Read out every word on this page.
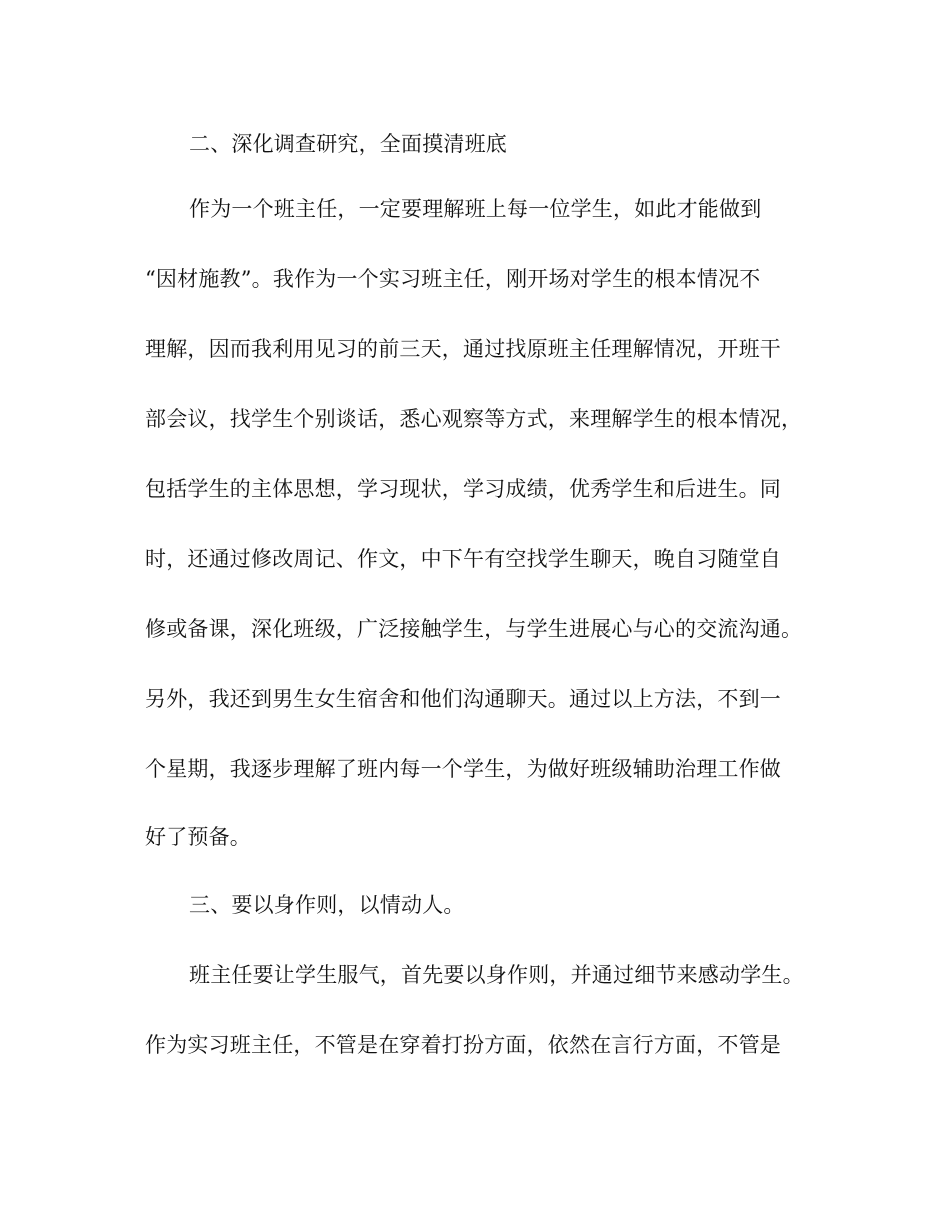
二、深化调查研究，全面摸清班底
作为一个班主任，一定要理解班上每一位学生，如此才能做到
“因材施教”。我作为一个实习班主任，刚开场对学生的根本情况不
理解，因而我利用见习的前三天，通过找原班主任理解情况，开班干
部会议，找学生个别谈话，悉心观察等方式，来理解学生的根本情况，
包括学生的主体思想，学习现状，学习成绩，优秀学生和后进生。同
时，还通过修改周记、作文，中下午有空找学生聊天，晚自习随堂自
修或备课，深化班级，广泛接触学生，与学生进展心与心的交流沟通。
另外，我还到男生女生宿舍和他们沟通聊天。通过以上方法，不到一
个星期，我逐步理解了班内每一个学生，为做好班级辅助治理工作做
好了预备。
三、要以身作则，以情动人。
班主任要让学生服气，首先要以身作则，并通过细节来感动学生。
作为实习班主任，不管是在穿着打扮方面，依然在言行方面，不管是
